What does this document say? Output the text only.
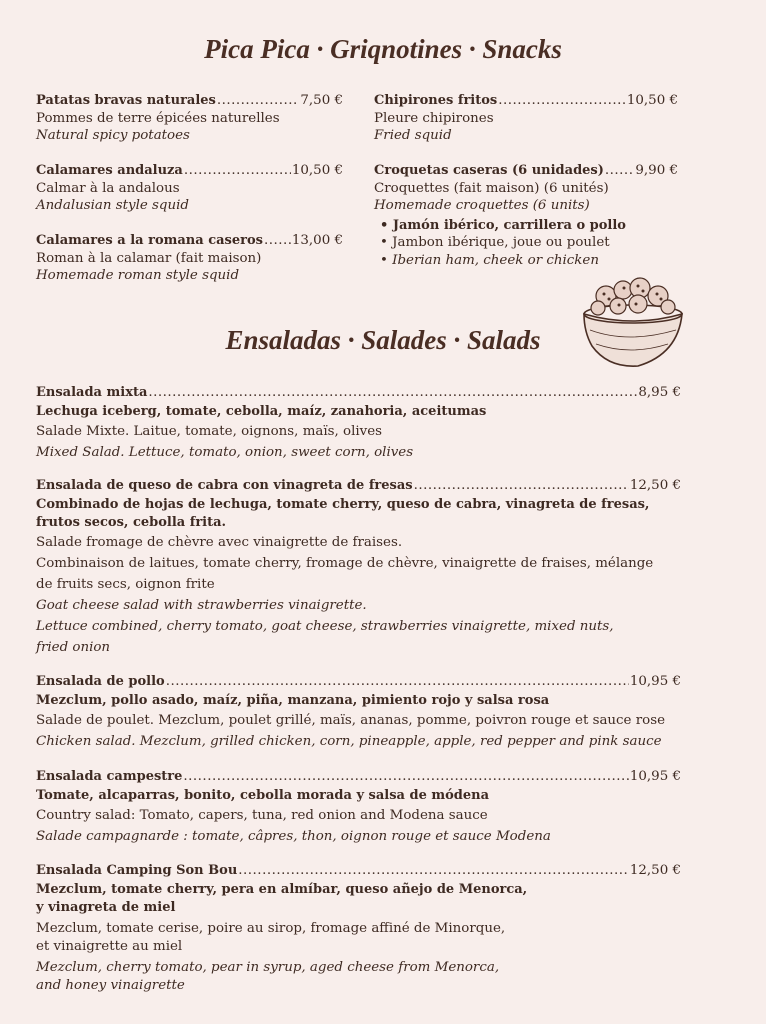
Pica Pica · Griqnotines · Snacks
Patatas bravas naturales .....	7,50 €
Pommes de terre épicées naturelles
Natural spicy potatoes
Calamares andaluza .....	10,50 €
Calmar à la andalous
Andalusian style squid
Calamares a la romana caseros ..... 13,00 €
Roman à la calamar (fait maison)
Homemade roman style squid
Chipirones fritos .....	10,50 €
Pleure chipirones
Fried squid
Croquetas caseras (6 unidades) ..... 9,90 €
Croquettes (fait maison) (6 unités)
Homemade croquettes (6 units)
• Jamón ibérico, carrillera o pollo
• Jambon ibérique, joue ou poulet
• Iberian ham, cheek or chicken
Ensaladas · Salades · Salads
Ensalada mixta .....	8,95 €
Lechuga iceberg, tomate, cebolla, maíz, zanahoria, aceitumas
Salade Mixte. Laitue, tomate, oignons, maïs, olives
Mixed Salad. Lettuce, tomato, onion, sweet corn, olives
Ensalada de queso de cabra con vinagreta de fresas .....	12,50 €
Combinado de hojas de lechuga, tomate cherry, queso de cabra, vinagreta de fresas,
frutos secos, cebolla frita.
Salade fromage de chèvre avec vinaigrette de fraises.
Combinaison de laitues, tomate cherry, fromage de chèvre, vinaigrette de fraises, mélange
de fruits secs, oignon frite
Goat cheese salad with strawberries vinaigrette.
Lettuce combined, cherry tomato, goat cheese, strawberries vinaigrette, mixed nuts,
fried onion
Ensalada de pollo .....	10,95 €
Mezclum, pollo asado, maíz, piña, manzana, pimiento rojo y salsa rosa
Salade de poulet. Mezclum, poulet grillé, maïs, ananas, pomme, poivron rouge et sauce rose
Chicken salad. Mezclum, grilled chicken, corn, pineapple, apple, red pepper and pink sauce
Ensalada campestre .....	10,95 €
Tomate, alcaparras, bonito, cebolla morada y salsa de módena
Country salad: Tomato, capers, tuna, red onion and Modena sauce
Salade campagnarde : tomate, câpres, thon, oignon rouge et sauce Modena
Ensalada Camping Son Bou .....	12,50 €
Mezclum, tomate cherry, pera en almíbar, queso añejo de Menorca,
y vinagreta de miel
Mezclum, tomate cerise, poire au sirop, fromage affiné de Minorque,
et vinaigrette au miel
Mezclum, cherry tomato, pear in syrup, aged cheese from Menorca,
and honey vinaigrette
